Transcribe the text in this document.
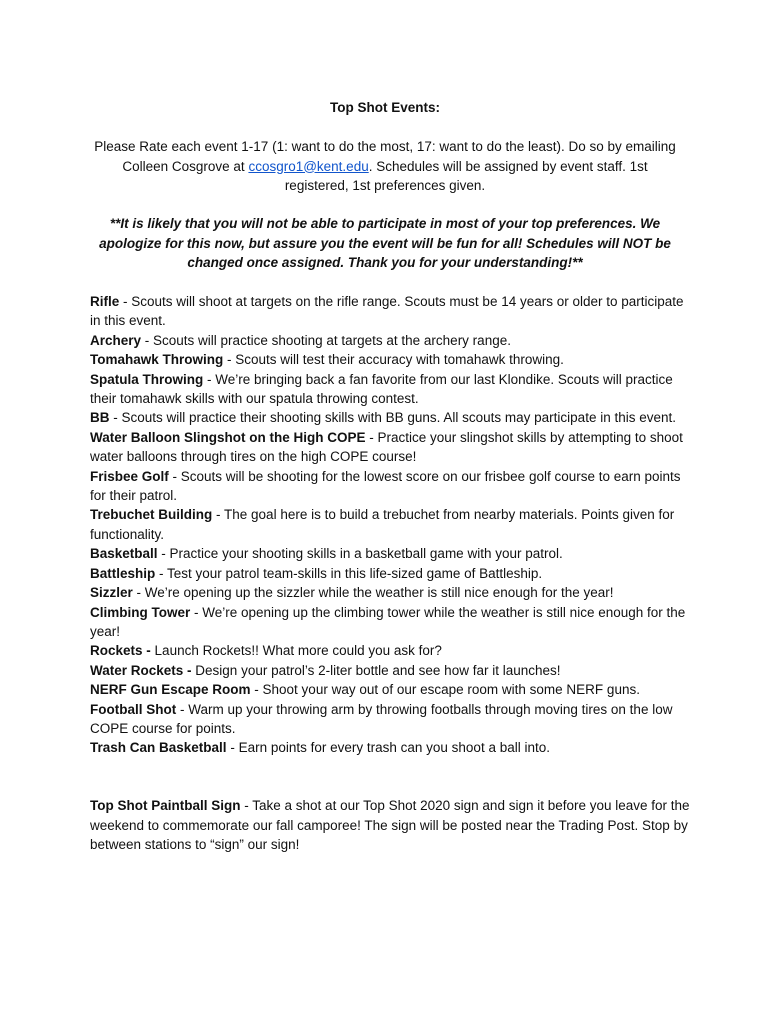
Top Shot Events:
Please Rate each event 1-17 (1: want to do the most, 17: want to do the least). Do so by emailing Colleen Cosgrove at ccosgro1@kent.edu. Schedules will be assigned by event staff. 1st registered, 1st preferences given.
**It is likely that you will not be able to participate in most of your top preferences. We apologize for this now, but assure you the event will be fun for all! Schedules will NOT be changed once assigned. Thank you for your understanding!**
Rifle - Scouts will shoot at targets on the rifle range. Scouts must be 14 years or older to participate in this event.
Archery - Scouts will practice shooting at targets at the archery range.
Tomahawk Throwing - Scouts will test their accuracy with tomahawk throwing.
Spatula Throwing - We’re bringing back a fan favorite from our last Klondike. Scouts will practice their tomahawk skills with our spatula throwing contest.
BB - Scouts will practice their shooting skills with BB guns. All scouts may participate in this event.
Water Balloon Slingshot on the High COPE - Practice your slingshot skills by attempting to shoot water balloons through tires on the high COPE course!
Frisbee Golf - Scouts will be shooting for the lowest score on our frisbee golf course to earn points for their patrol.
Trebuchet Building - The goal here is to build a trebuchet from nearby materials. Points given for functionality.
Basketball - Practice your shooting skills in a basketball game with your patrol.
Battleship - Test your patrol team-skills in this life-sized game of Battleship.
Sizzler - We’re opening up the sizzler while the weather is still nice enough for the year!
Climbing Tower - We’re opening up the climbing tower while the weather is still nice enough for the year!
Rockets - Launch Rockets!! What more could you ask for?
Water Rockets - Design your patrol’s 2-liter bottle and see how far it launches!
NERF Gun Escape Room - Shoot your way out of our escape room with some NERF guns.
Football Shot - Warm up your throwing arm by throwing footballs through moving tires on the low COPE course for points.
Trash Can Basketball - Earn points for every trash can you shoot a ball into.
Top Shot Paintball Sign - Take a shot at our Top Shot 2020 sign and sign it before you leave for the weekend to commemorate our fall camporee! The sign will be posted near the Trading Post. Stop by between stations to “sign” our sign!
